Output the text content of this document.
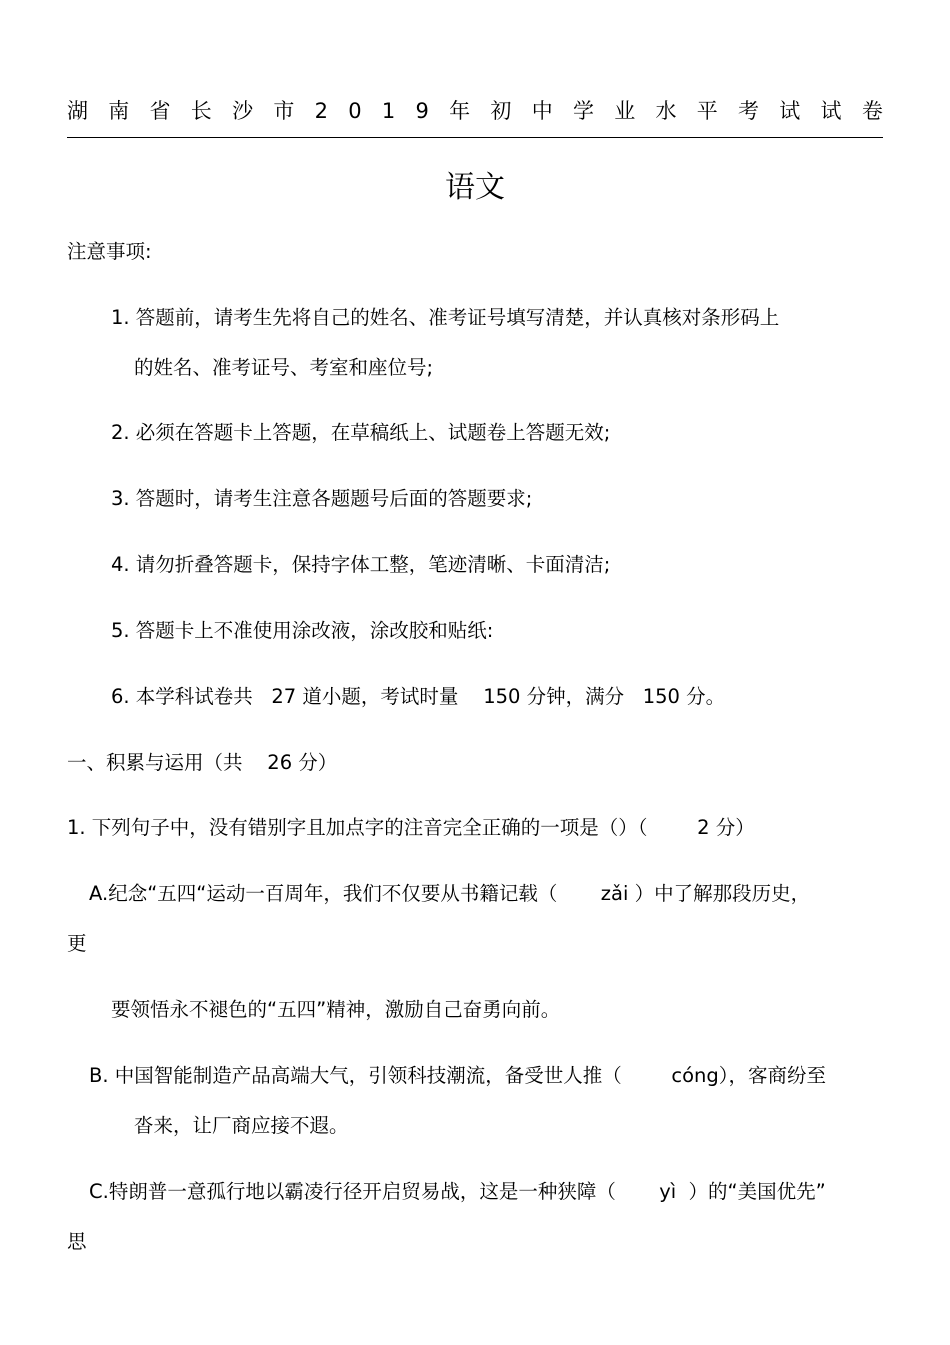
湖 南 省 长 沙 市 2 0 1 9 年 初 中 学 业 水 平 考 试 试 卷
语文
注意事项:
1. 答题前，请考生先将自己的姓名、准考证号填写清楚，并认真核对条形码上
的姓名、准考证号、考室和座位号;
2. 必须在答题卡上答题，在草稿纸上、试题卷上答题无效;
3. 答题时，请考生注意各题题号后面的答题要求;
4. 请勿折叠答题卡，保持字体工整，笔迹清晰、卡面清洁;
5. 答题卡上不准使用涂改液，涂改胶和贴纸:
6. 本学科试卷共   27 道小题，考试时量    150 分钟，满分   150 分。
一、积累与运用（共    26 分）
1. 下列句子中，没有错别字且加点字的注音完全正确的一项是（）（        2 分）
A.纪念“五四“运动一百周年，我们不仅要从书籍记载（       zǎi ）中了解那段历史，
更
要领悟永不褪色的“五四”精神，激励自己奋勇向前。
B. 中国智能制造产品高端大气，引领科技潮流，备受世人推（        cóng），客商纷至
沓来，让厂商应接不遐。
C.特朗普一意孤行地以霸凌行径开启贸易战，这是一种狭障（       yì  ）的“美国优先”
思
